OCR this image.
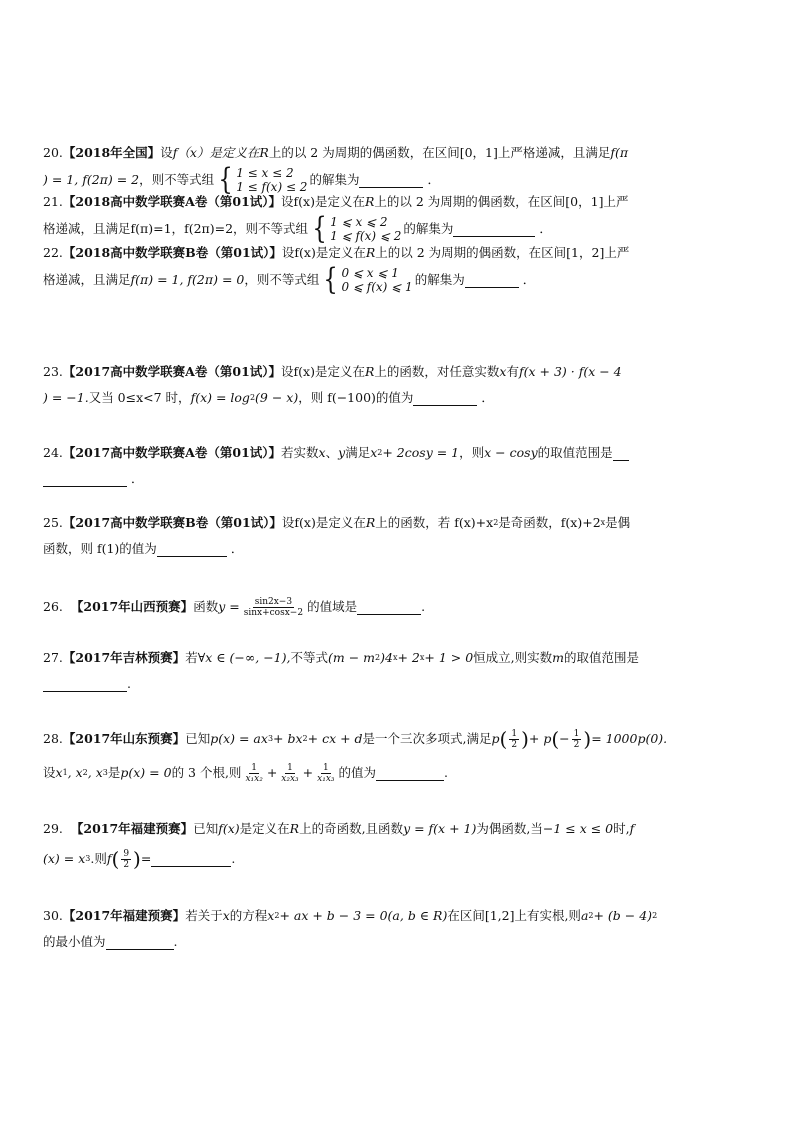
20. 【2018年全国】 设 f（x）是定义在 R 上的以 2 为周期的偶函数，在区间[0，1]上严格递减，且满足 f(π
) = 1, f(2π) = 2 ，则不等式组 { 1 ≤ x ≤ 2
1 ≤ f(x) ≤ 2 的解集为	．
21. 【2018高中数学联赛A卷（第01试）】 设f(x)是定义在 R 上的以 2 为周期的偶函数，在区间[0，1]上严
格递减，且满足 f(π)=1 ， f(2π)=2 ，则不等式组 { 1 ⩽ x ⩽ 2
1 ⩽ f(x) ⩽ 2 的解集为	．
22. 【2018高中数学联赛B卷（第01试）】 设f(x)是定义在 R 上的以 2 为周期的偶函数，在区间[1，2]上严
格递减，且满足 f(π) = 1, f(2π) = 0 ，则不等式组 { 0 ⩽ x ⩽ 1
0 ⩽ f(x) ⩽ 1 的解集为	．
23. 【2017高中数学联赛A卷（第01试）】 设f(x)是定义在 R 上的函数，对任意实数 x 有 f(x + 3) · f(x − 4
) = −1. 又当 0≤x<7 时， f(x) = log 2 (9 − x) ，则 f(−100)的值为	．
24. 【2017高中数学联赛A卷（第01试）】 若实数 x 、 y 满足 x 2 + 2cosy = 1 ，则 x − cosy 的取值范围是
．
25. 【2017高中数学联赛B卷（第01试）】 设f(x)是定义在 R 上的函数，若 f(x)+x 2 是奇函数，f(x)+2 x 是偶
函数，则 f(1)的值为	．
26. 【2017年山西预赛】 函数 $y = \frac{\sin 2x-3}{\sin x+\cos x-2}$ 的值域是	.
27. 【2017年吉林预赛】 若∀ x ∈ (−∞, −1), 不等式 (m − m 2 )4 x + 2 x + 1 > 0 恒成立,则实数 m 的取值范围是
.
28. 【2017年山东预赛】 已知 p(x) = ax 3 + bx 2 + cx + d 是一个三次多项式,满足 p ( $\frac{1}{2}$ ) + p ( − $\frac{1}{2}$ ) = 1000p(0).
设 x 1 , x 2 , x 3 是 p(x) = 0 的 3 个根,则 $\frac{1}{\text{x₁x₂}} + \frac{1}{\text{x₂x₃}} + \frac{1}{\text{x₁x₃}}$ 的值为	.
29. 【2017年福建预赛】 已知 f(x) 是定义在 R 上的奇函数,且函数 y = f(x + 1) 为偶函数,当 −1 ≤ x ≤ 0 时, f
(x) = x 3 .则 f ( $\frac{9}{2}$ ) =	.
30. 【2017年福建预赛】 若关于 x 的方程 x 2 + ax + b − 3 = 0(a, b ∈ R) 在区间[1,2]上有实根,则 a 2 + (b − 4) 2
的最小值为	.
